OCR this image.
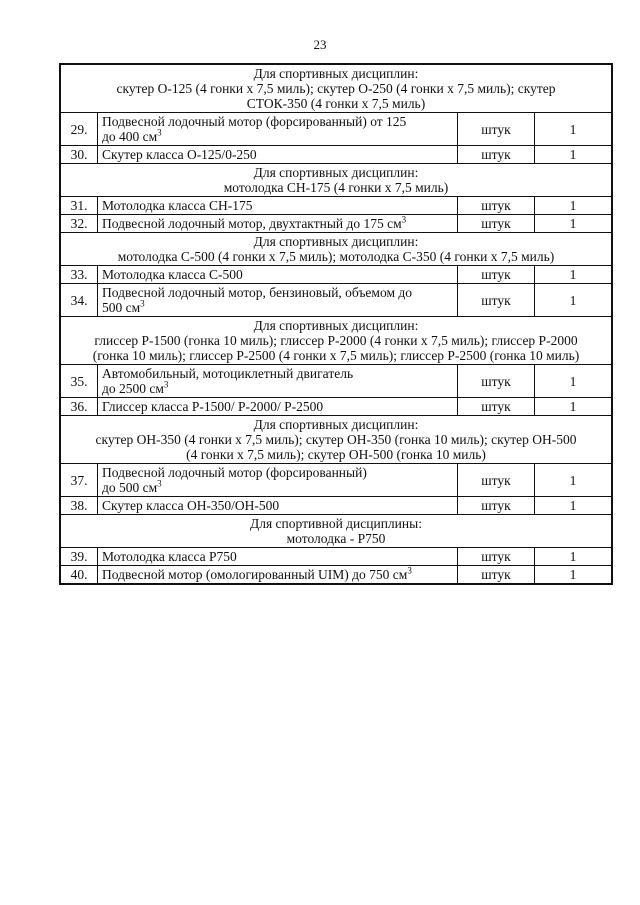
23
Для спортивных дисциплин:
скутер О-125 (4 гонки х 7,5 миль); скутер О-250 (4 гонки х 7,5 миль); скутер
СТОК-350 (4 гонки х 7,5 миль)			

29.	Подвесной лодочный мотор (форсированный) от 125
до 400 $см^3$	штук	1
30.	Скутер класса О-125/0-250	штук	1

Для спортивных дисциплин:
мотолодка СН-175 (4 гонки х 7,5 миль)			

31.	Мотолодка класса СН-175	штук	1
32.	Подвесной лодочный мотор, двухтактный до 175 $см^3$	штук	1

Для спортивных дисциплин:
мотолодка С-500 (4 гонки х 7,5 миль); мотолодка С-350 (4 гонки х 7,5 миль)			

33.	Мотолодка класса С-500	штук	1
34.	Подвесной лодочный мотор, бензиновый, объемом до
500 $см^3$	штук	1

Для спортивных дисциплин:
глиссер Р-1500 (гонка 10 миль); глиссер Р-2000 (4 гонки х 7,5 миль); глиссер Р-2000
(гонка 10 миль); глиссер Р-2500 (4 гонки х 7,5 миль); глиссер Р-2500 (гонка 10 миль)			

35.	Автомобильный, мотоциклетный двигатель
до 2500 $см^3$	штук	1
36.	Глиссер класса Р-1500/ Р-2000/ Р-2500	штук	1

Для спортивных дисциплин:
скутер ОН-350 (4 гонки х 7,5 миль); скутер ОН-350 (гонка 10 миль); скутер ОН-500
(4 гонки х 7,5 миль); скутер ОН-500 (гонка 10 миль)			

37.	Подвесной лодочный мотор (форсированный)
до 500 $см^3$	штук	1
38.	Скутер класса ОН-350/ОН-500	штук	1

Для спортивной дисциплины:
мотолодка - Р750			

39.	Мотолодка класса Р750	штук	1
40.	Подвесной мотор (омологированный UIM) до 750 $см^3$	штук	1
